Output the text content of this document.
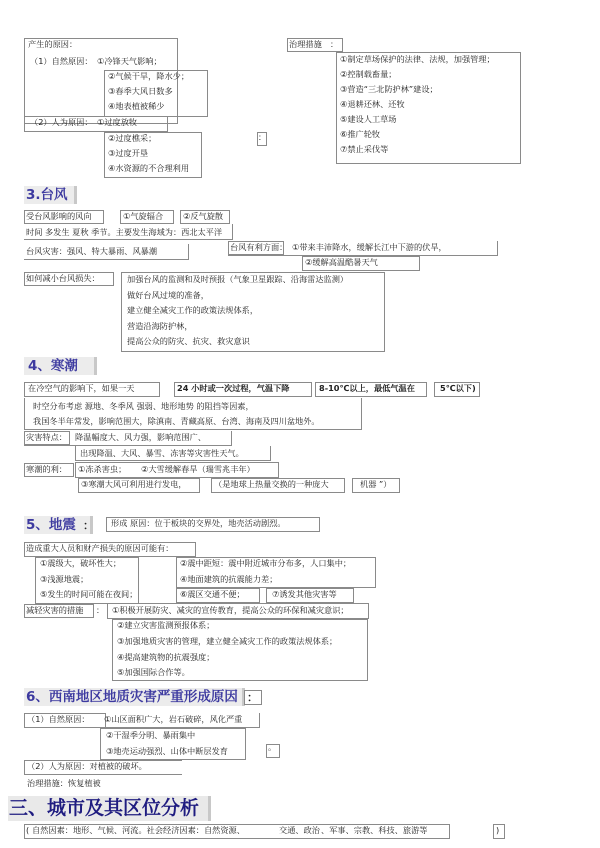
产生的原因：
（1）自然原因： ①冷锋天气影响；
②气候干旱，降水少；
③春季大风日数多
④地表植被稀少
（2）人为原因： ①过度放牧
②过度樵采；
③过度开垦
④水资源的不合理利用
：
治理措施 ：
①制定草场保护的法律、法规，加强管理；
②控制载畜量；
③营造“三北防护林”建设；
④退耕还林、还牧
⑤建设人工草场
⑥推广轮牧
⑦禁止采伐等
3.台风
受台风影响的风向	①气旋辐合 ②反气旋散
时间 多发生 夏秋 季节。主要发生海域为：西北太平洋
台风灾害：强风、特大暴雨、风暴潮	台风有利方面： ①带来丰沛降水，缓解长江中下游的伏旱，
②缓解高温酷暑天气
如何减小台风损失：	加强台风的监测和及时预报（气象卫星跟踪、沿海雷达监测）
做好台风过境的准备，
建立健全减灾工作的政策法规体系，
营造沿海防护林，
提高公众的防灾、抗灾、救灾意识
4、寒潮
在冷空气的影响下，如果一天	24 小时或一次过程，气温下降	8-10℃以上，最低气温在	5℃以下)
时空分布考虑 源地、冬季风 强弱、地形地势 的阻挡等因素，
我国冬半年常发，影响范围大，除滇南、青藏高原、台湾、海南及四川盆地外。
灾害特点： 降温幅度大、风力强，影响范围广、
出现降温、大风、暴雪、冻害等灾害性天气。
寒潮的利： ①冻杀害虫； ②大雪缓解春旱（瑞雪兆丰年）
③寒潮大风可利用进行发电，	（是地球上热量交换的一种庞大	机器 ”）
5、地震 ： 形成 原因：位于板块的交界处，地壳活动剧烈。
造成重大人员和财产损失的原因可能有：
①震级大，破坏性大；
③浅源地震；
⑤发生的时间可能在夜间；
②震中距短：震中附近城市分布多，人口集中；
④地面建筑的抗震能力差；
⑥震区交通不便；	⑦诱发其他灾害等
减轻灾害的措施 ： ①积极开展防灾、减灾的宣传教育，提高公众的环保和减灾意识；
②建立灾害监测预报体系；
③加强地质灾害的管理，建立健全减灾工作的政策法规体系；
④提高建筑物的抗震强度；
⑤加强国际合作等。
6、西南地区地质灾害严重形成原因 ：
（1）自然原因： ①山区面积广大，岩石破碎，风化严重
②干湿季分明、暴雨集中
③地壳运动强烈、山体中断层发育	。
（2）人为原因：对植被的破坏。
治理措施：恢复植被
三、城市及其区位分析
( 自然因素：地形、气候、河流。社会经济因素：自然资源、	交通、政治 、军事、宗教、科技、旅游等	)
